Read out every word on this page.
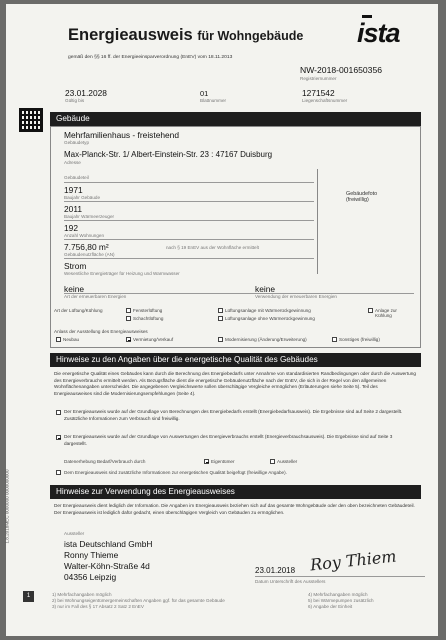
Energieausweis für Wohngebäude
gemäß den §§ 16 ff. der Energieeinsparverordnung (EnEV) vom 18.11.2013
ista
NW-2018-001650356
Registriernummer
23.01.2028
Gültig bis
01
Blattnummer
1271542
Liegenschaftsnummer
Gebäude
Mehrfamilienhaus - freistehend
Gebäudetyp
Max-Planck-Str. 1/ Albert-Einstein-Str. 23 : 47167 Duisburg
Adresse
Gebäudeteil
1971
Baujahr Gebäude
2011
Baujahr Wärmeerzeuger
192
Anzahl Wohnungen
7.756,80 m²	nach § 19 EnEV aus der Wohnfläche ermittelt
Gebäudenutzfläche (AN)
Strom
Wesentliche Energieträger für Heizung und Warmwasser
Gebäudefoto (freiwillig)
keine
Art der erneuerbaren Energien
keine
Verwendung der erneuerbaren Energien
Art der Lüftung/Kühlung	Fensterlüftung
Schachtlüftung
Lüftungsanlage mit Wärmerückgewinnung
Lüftungsanlage ohne Wärmerückgewinnung
Anlage zur Kühlung
Anlass der Ausstellung des Energieausweises
Neubau	Vermietung/Verkauf	Modernisierung (Änderung/Erweiterung)	Sonstiges (freiwillig)
Hinweise zu den Angaben über die energetische Qualität des Gebäudes
Die energetische Qualität eines Gebäudes kann durch die Berechnung des Energiebedarfs unter Annahme von standardisierten Randbedingungen oder durch die Auswertung des Energieverbrauchs ermittelt werden. Als Bezugsfläche dient die energetische Gebäudenutzfläche nach der EnEV, die sich in der Regel von den allgemeinen Wohnflächenangaben unterscheidet. Die angegebenen Vergleichswerte sollen überschlägige Vergleiche ermöglichen (Erläuterungen siehe Seite 5). Teil des Energieausweises sind die Modernisierungsempfehlungen (Seite 4).
Der Energieausweis wurde auf der Grundlage von Berechnungen des Energiebedarfs erstellt (Energiebedarfsausweis). Die Ergebnisse sind auf Seite 2 dargestellt. Zusätzliche Informationen zum Verbrauch sind freiwillig.
Der Energieausweis wurde auf der Grundlage von Auswertungen des Energieverbrauchs erstellt (Energieverbrauchsausweis). Die Ergebnisse sind auf Seite 3 dargestellt.
Datenerhebung Bedarf/Verbrauch durch	Eigentümer	Aussteller
Dem Energieausweis sind zusätzliche Informationen zur energetischen Qualität beigefügt (freiwillige Angabe).
Hinweise zur Verwendung des Energieausweises
Der Energieausweis dient lediglich der Information. Die Angaben im Energieausweis beziehen sich auf das gesamte Wohngebäude oder den oben bezeichneten Gebäudeteil. Der Energieausweis ist lediglich dafür gedacht, einen überschlägigen Vergleich von Gebäuden zu ermöglichen.
Aussteller
ista Deutschland GmbH
Ronny Thieme
Walter-Köhn-Straße 4d
04356 Leipzig
23.01.2018 Roy Thiem
Datum Unterschrift des Ausstellers
1	1) Mehrfachangaben möglich
2) bei Wohnungseigentümergemeinschaften Angaben ggf. für das gesamte Gebäude
3) nur im Fall des § 17 Absatz 2 Satz 2 EnEV
4) Mehrfachangaben möglich
5) bei Wärmepumpen zusätzlich
6) Angabe der Einheit
1.8.2018MEC 0000000 0000000000
